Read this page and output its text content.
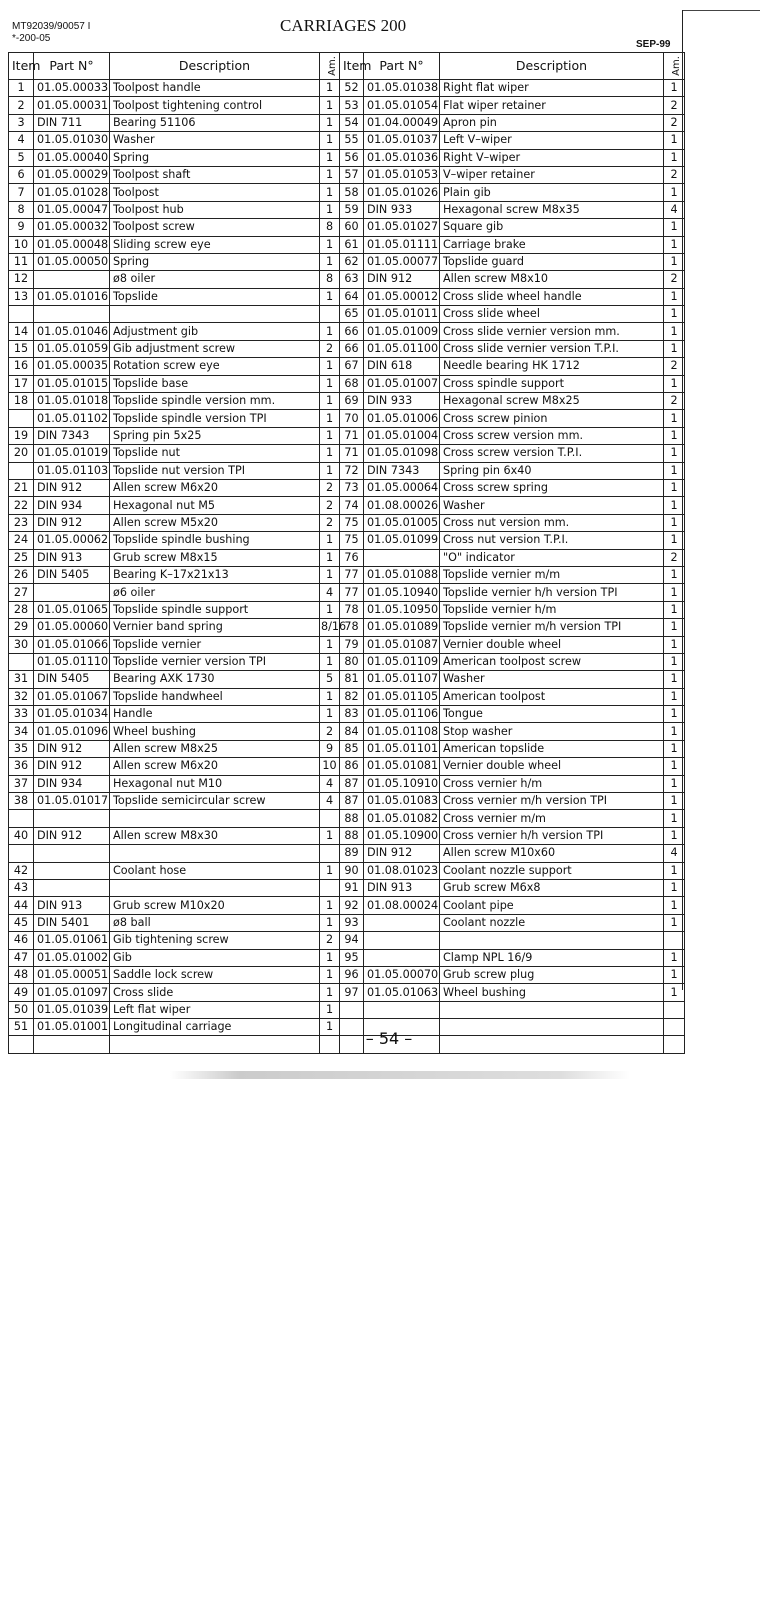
MT92039/90057 I
*-200-05
CARRIAGES 200
SEP-99
Item	Part N°	Description	Am.	Item	Part N°	Description	Am.
1	01.05.00033	Toolpost handle	1	52	01.05.01038	Right flat wiper	1
2	01.05.00031	Toolpost tightening control	1	53	01.05.01054	Flat wiper retainer	2
3	DIN 711	Bearing 51106	1	54	01.04.00049	Apron pin	2
4	01.05.01030	Washer	1	55	01.05.01037	Left V–wiper	1
5	01.05.00040	Spring	1	56	01.05.01036	Right V–wiper	1
6	01.05.00029	Toolpost shaft	1	57	01.05.01053	V–wiper retainer	2
7	01.05.01028	Toolpost	1	58	01.05.01026	Plain gib	1
8	01.05.00047	Toolpost hub	1	59	DIN 933	Hexagonal screw M8x35	4
9	01.05.00032	Toolpost screw	8	60	01.05.01027	Square gib	1
10	01.05.00048	Sliding screw eye	1	61	01.05.01111	Carriage brake	1
11	01.05.00050	Spring	1	62	01.05.00077	Topslide guard	1
12		ø8 oiler	8	63	DIN 912	Allen screw M8x10	2
13	01.05.01016	Topslide	1	64	01.05.00012	Cross slide wheel handle	1
				65	01.05.01011	Cross slide wheel	1
14	01.05.01046	Adjustment gib	1	66	01.05.01009	Cross slide vernier version mm.	1
15	01.05.01059	Gib adjustment screw	2	66	01.05.01100	Cross slide vernier version T.P.I.	1
16	01.05.00035	Rotation screw eye	1	67	DIN 618	Needle bearing HK 1712	2
17	01.05.01015	Topslide base	1	68	01.05.01007	Cross spindle support	1
18	01.05.01018	Topslide spindle version mm.	1	69	DIN 933	Hexagonal screw M8x25	2
	01.05.01102	Topslide spindle version TPI	1	70	01.05.01006	Cross screw pinion	1
19	DIN 7343	Spring pin 5x25	1	71	01.05.01004	Cross screw version mm.	1
20	01.05.01019	Topslide nut	1	71	01.05.01098	Cross screw version T.P.I.	1
	01.05.01103	Topslide nut version TPI	1	72	DIN 7343	Spring pin 6x40	1
21	DIN 912	Allen screw M6x20	2	73	01.05.00064	Cross screw spring	1
22	DIN 934	Hexagonal nut M5	2	74	01.08.00026	Washer	1
23	DIN 912	Allen screw M5x20	2	75	01.05.01005	Cross nut version mm.	1
24	01.05.00062	Topslide spindle bushing	1	75	01.05.01099	Cross nut version T.P.I.	1
25	DIN 913	Grub screw M8x15	1	76		"O" indicator	2
26	DIN 5405	Bearing K–17x21x13	1	77	01.05.01088	Topslide vernier m/m	1
27		ø6 oiler	4	77	01.05.10940	Topslide vernier h/h version TPI	1
28	01.05.01065	Topslide spindle support	1	78	01.05.10950	Topslide vernier h/m	1
29	01.05.00060	Vernier band spring	8/16	78	01.05.01089	Topslide vernier m/h version TPI	1
30	01.05.01066	Topslide vernier	1	79	01.05.01087	Vernier double wheel	1
	01.05.01110	Topslide vernier version TPI	1	80	01.05.01109	American toolpost screw	1
31	DIN 5405	Bearing AXK 1730	5	81	01.05.01107	Washer	1
32	01.05.01067	Topslide handwheel	1	82	01.05.01105	American toolpost	1
33	01.05.01034	Handle	1	83	01.05.01106	Tongue	1
34	01.05.01096	Wheel bushing	2	84	01.05.01108	Stop washer	1
35	DIN 912	Allen screw M8x25	9	85	01.05.01101	American topslide	1
36	DIN 912	Allen screw M6x20	10	86	01.05.01081	Vernier double wheel	1
37	DIN 934	Hexagonal nut M10	4	87	01.05.10910	Cross vernier h/m	1
38	01.05.01017	Topslide semicircular screw	4	87	01.05.01083	Cross vernier m/h version TPI	1
				88	01.05.01082	Cross vernier m/m	1
40	DIN 912	Allen screw M8x30	1	88	01.05.10900	Cross vernier h/h version TPI	1
				89	DIN 912	Allen screw M10x60	4
42		Coolant hose	1	90	01.08.01023	Coolant nozzle support	1
43				91	DIN 913	Grub screw M6x8	1
44	DIN 913	Grub screw M10x20	1	92	01.08.00024	Coolant pipe	1
45	DIN 5401	ø8 ball	1	93		Coolant nozzle	1
46	01.05.01061	Gib tightening screw	2	94			
47	01.05.01002	Gib	1	95		Clamp NPL 16/9	1
48	01.05.00051	Saddle lock screw	1	96	01.05.00070	Grub screw plug	1
49	01.05.01097	Cross slide	1	97	01.05.01063	Wheel bushing	1
50	01.05.01039	Left flat wiper	1				
51	01.05.01001	Longitudinal carriage	1				

– 54 –
